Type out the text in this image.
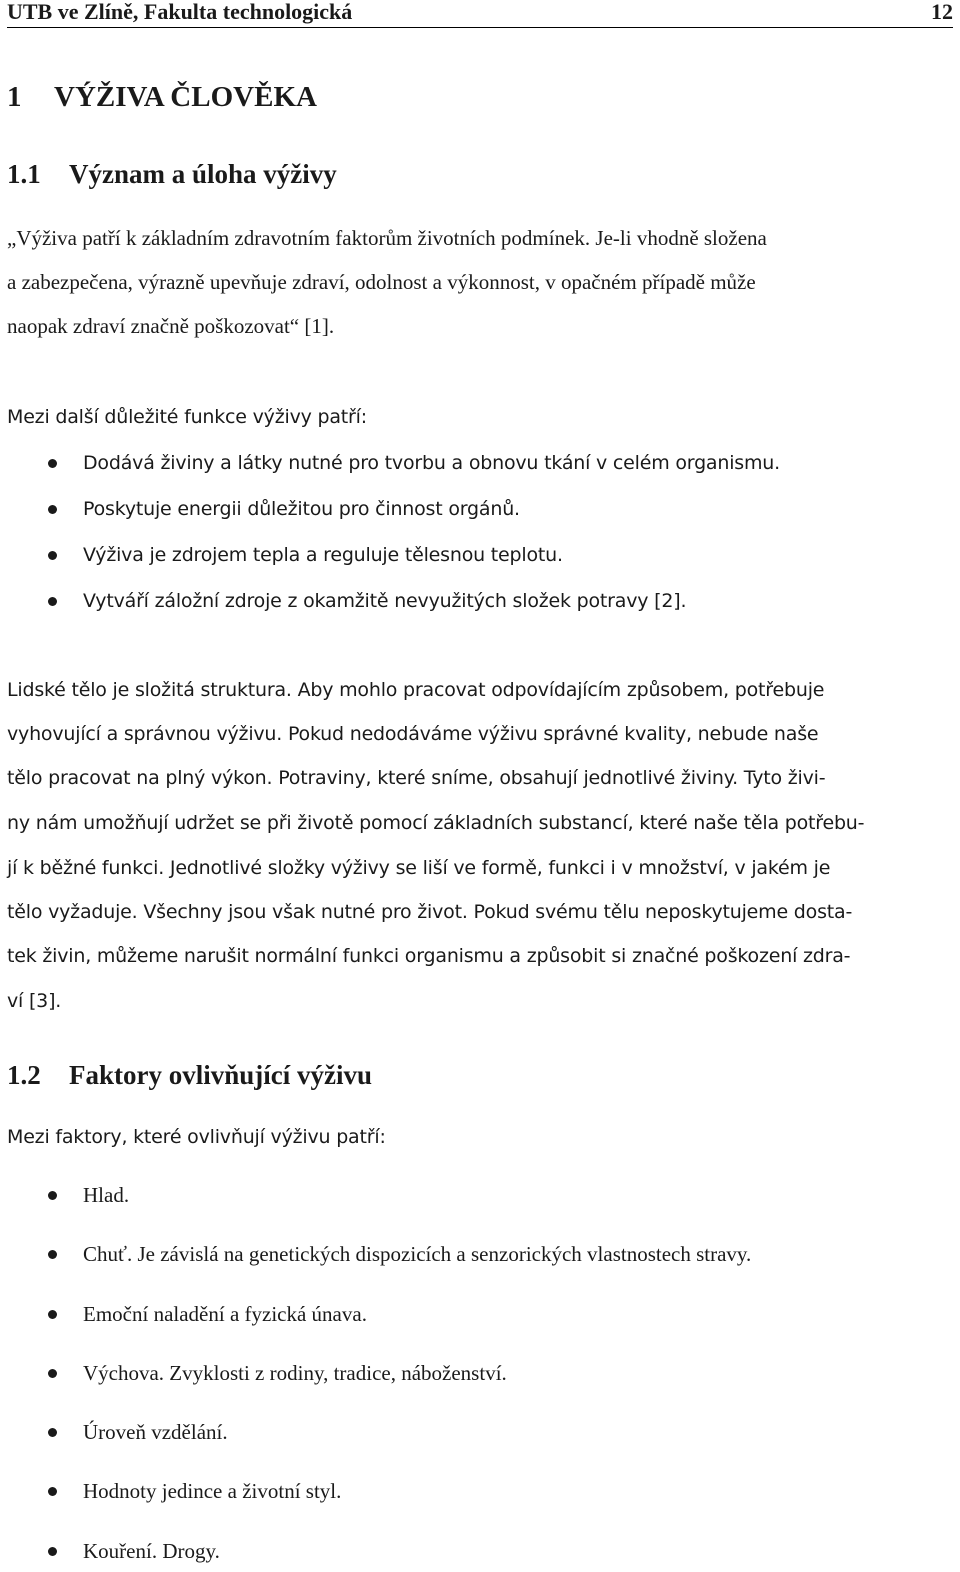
UTB ve Zlíně, Fakulta technologická	12
1 VÝŽIVA ČLOVĚKA
1.1 Význam a úloha výživy
„Výživa patří k základním zdravotním faktorům životních podmínek. Je-li vhodně složena
a zabezpečena, výrazně upevňuje zdraví, odolnost a výkonnost, v opačném případě může
naopak zdraví značně poškozovat“ [1].
Mezi další důležité funkce výživy patří:
Dodává živiny a látky nutné pro tvorbu a obnovu tkání v celém organismu.
Poskytuje energii důležitou pro činnost orgánů.
Výživa je zdrojem tepla a reguluje tělesnou teplotu.
Vytváří záložní zdroje z okamžitě nevyužitých složek potravy [2].
Lidské tělo je složitá struktura. Aby mohlo pracovat odpovídajícím způsobem, potřebuje
vyhovující a správnou výživu. Pokud nedodáváme výživu správné kvality, nebude naše
tělo pracovat na plný výkon. Potraviny, které sníme, obsahují jednotlivé živiny. Tyto živi-
ny nám umožňují udržet se při životě pomocí základních substancí, které naše těla potřebu-
jí k běžné funkci. Jednotlivé složky výživy se liší ve formě, funkci i v množství, v jakém je
tělo vyžaduje. Všechny jsou však nutné pro život. Pokud svému tělu neposkytujeme dosta-
tek živin, můžeme narušit normální funkci organismu a způsobit si značné poškození zdra-
ví [3].
1.2 Faktory ovlivňující výživu
Mezi faktory, které ovlivňují výživu patří:
Hlad.
Chuť. Je závislá na genetických dispozicích a senzorických vlastnostech stravy.
Emoční naladění a fyzická únava.
Výchova. Zvyklosti z rodiny, tradice, náboženství.
Úroveň vzdělání.
Hodnoty jedince a životní styl.
Kouření. Drogy.
